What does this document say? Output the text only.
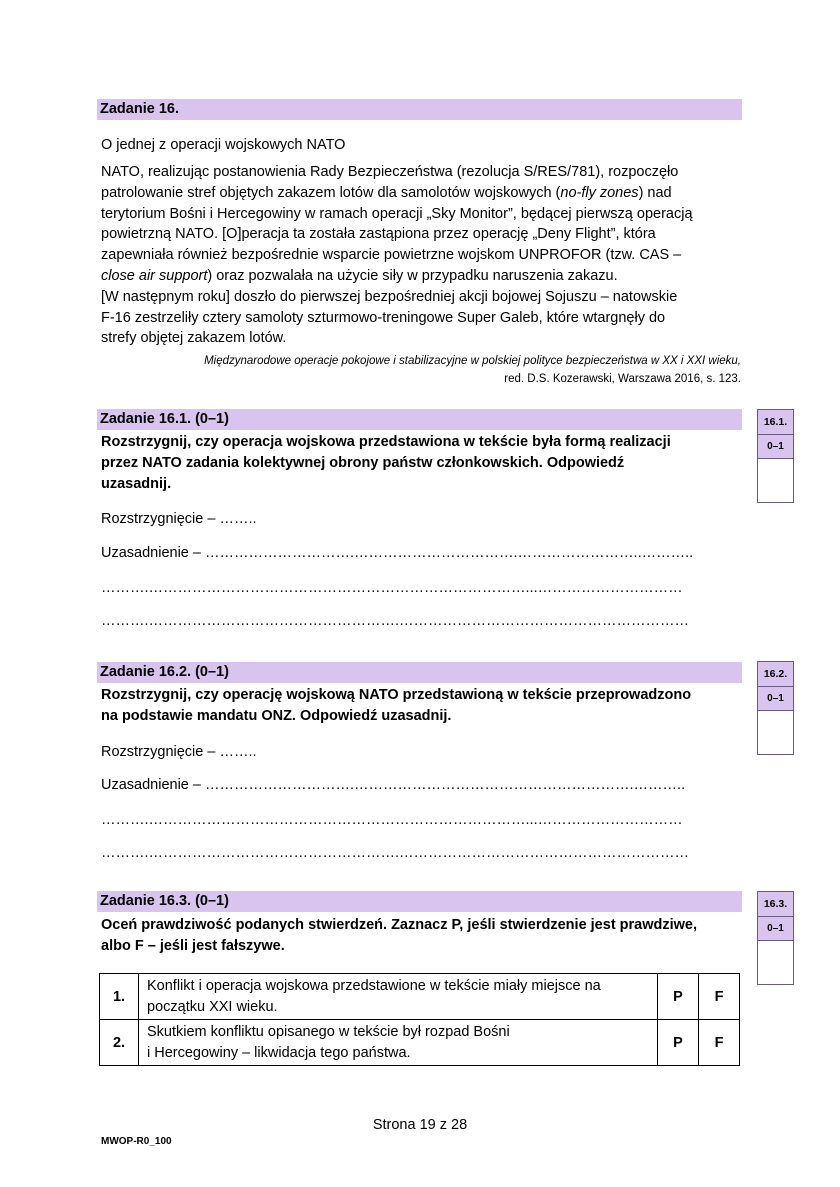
Zadanie 16.
O jednej z operacji wojskowych NATO
NATO, realizując postanowienia Rady Bezpieczeństwa (rezolucja S/RES/781), rozpoczęło
patrolowanie stref objętych zakazem lotów dla samolotów wojskowych (no-fly zones) nad
terytorium Bośni i Hercegowiny w ramach operacji „Sky Monitor”, będącej pierwszą operacją
powietrzną NATO. [O]peracja ta została zastąpiona przez operację „Deny Flight”, która
zapewniała również bezpośrednie wsparcie powietrzne wojskom UNPROFOR (tzw. CAS –
close air support) oraz pozwalała na użycie siły w przypadku naruszenia zakazu.
[W następnym roku] doszło do pierwszej bezpośredniej akcji bojowej Sojuszu – natowskie
F-16 zestrzeliły cztery samoloty szturmowo-treningowe Super Galeb, które wtargnęły do
strefy objętej zakazem lotów.
Międzynarodowe operacje pokojowe i stabilizacyjne w polskiej polityce bezpieczeństwa w XX i XXI wieku,
red. D.S. Kozerawski, Warszawa 2016, s. 123.
Zadanie 16.1. (0–1)
Rozstrzygnij, czy operacja wojskowa przedstawiona w tekście była formą realizacji
przez NATO zadania kolektywnej obrony państw członkowskich. Odpowiedź
uzasadnij.
16.1.
0–1
Rozstrzygnięcie – ……..
Uzasadnienie – ………………………….…………………………….……………………..………..
……….……………………………………………………………………...…………………………
……….…………………………………………….……………………………………………………
Zadanie 16.2. (0–1)
Rozstrzygnij, czy operację wojskową NATO przedstawioną w tekście przeprowadzono
na podstawie mandatu ONZ. Odpowiedź uzasadnij.
16.2.
0–1
Rozstrzygnięcie – ……..
Uzasadnienie – ………………………….………………………………………………….………..
……….……………………………………………………………………...…………………………
……….…………………………………………….……………………………………………………
Zadanie 16.3. (0–1)
Oceń prawdziwość podanych stwierdzeń. Zaznacz P, jeśli stwierdzenie jest prawdziwe,
albo F – jeśli jest fałszywe.
16.3.
0–1
1.	Konflikt i operacja wojskowa przedstawione w tekście miały miejsce na
początku XXI wieku.	P	F
2.	Skutkiem konfliktu opisanego w tekście był rozpad Bośni
i Hercegowiny – likwidacja tego państwa.	P	F
Strona 19 z 28
MWOP-R0_100
